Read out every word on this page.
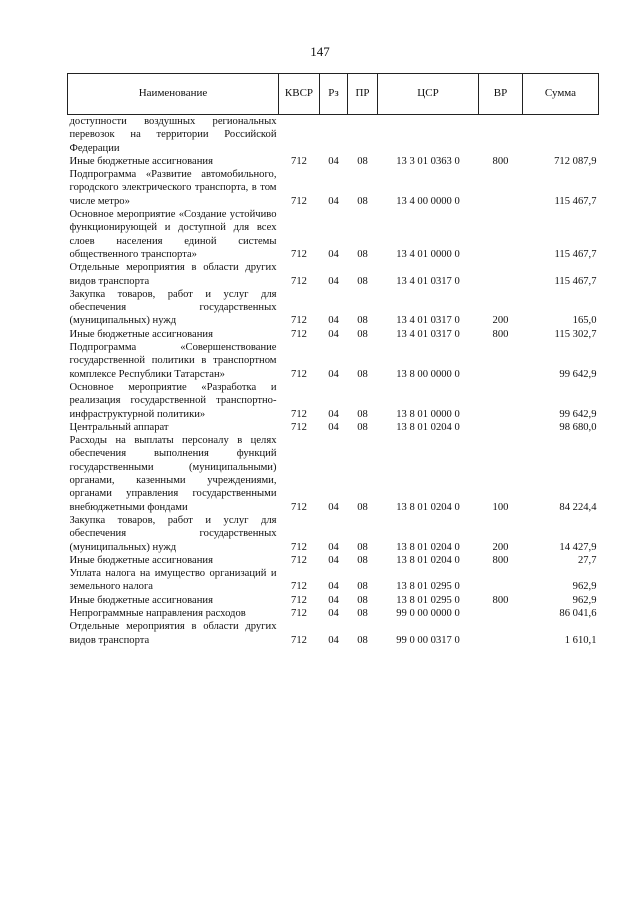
147
Наименование	КВСР	Рз	ПР	ЦСР	ВР	Сумма
доступности воздушных региональных перевозок на территории Российской Федерации						
Иные бюджетные ассигнования	712	04	08	13 3 01 0363 0	800	712 087,9
Подпрограмма «Развитие автомобильного, городского электрического транспорта, в том числе метро»	712	04	08	13 4 00 0000 0		115 467,7
Основное мероприятие «Создание устойчиво функционирующей и доступной для всех слоев населения единой системы общественного транспорта»	712	04	08	13 4 01 0000 0		115 467,7
Отдельные мероприятия в области других видов транспорта	712	04	08	13 4 01 0317 0		115 467,7
Закупка товаров, работ и услуг для обеспечения государственных (муниципальных) нужд	712	04	08	13 4 01 0317 0	200	165,0
Иные бюджетные ассигнования	712	04	08	13 4 01 0317 0	800	115 302,7
Подпрограмма «Совершенствование государственной политики в транспортном комплексе Республики Татарстан»	712	04	08	13 8 00 0000 0		99 642,9
Основное мероприятие «Разработка и реализация государственной транспортно-инфраструктурной политики»	712	04	08	13 8 01 0000 0		99 642,9
Центральный аппарат	712	04	08	13 8 01 0204 0		98 680,0
Расходы на выплаты персоналу в целях обеспечения выполнения функций государственными (муниципальными) органами, казенными учреждениями, органами управления государственными внебюджетными фондами	712	04	08	13 8 01 0204 0	100	84 224,4
Закупка товаров, работ и услуг для обеспечения государственных (муниципальных) нужд	712	04	08	13 8 01 0204 0	200	14 427,9
Иные бюджетные ассигнования	712	04	08	13 8 01 0204 0	800	27,7
Уплата налога на имущество организаций и земельного налога	712	04	08	13 8 01 0295 0		962,9
Иные бюджетные ассигнования	712	04	08	13 8 01 0295 0	800	962,9
Непрограммные направления расходов	712	04	08	99 0 00 0000 0		86 041,6
Отдельные мероприятия в области других видов транспорта	712	04	08	99 0 00 0317 0		1 610,1
